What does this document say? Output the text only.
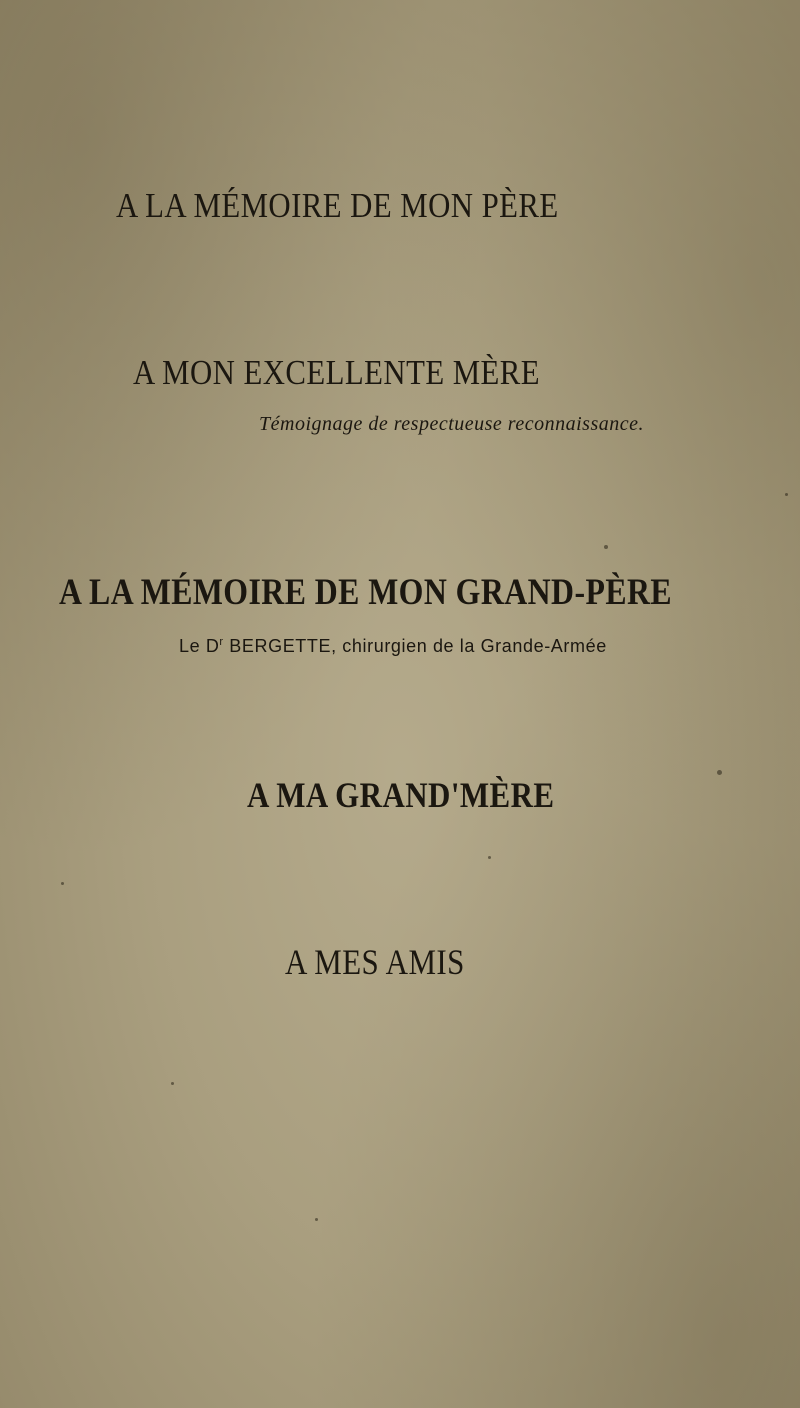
A LA MÉMOIRE DE MON PÈRE
A MON EXCELLENTE MÈRE
Témoignage de respectueuse reconnaissance.
A LA MÉMOIRE DE MON GRAND-PÈRE
Le $D^r$ BERGETTE, chirurgien de la Grande-Armée
A MA GRAND'MÈRE
A MES AMIS
